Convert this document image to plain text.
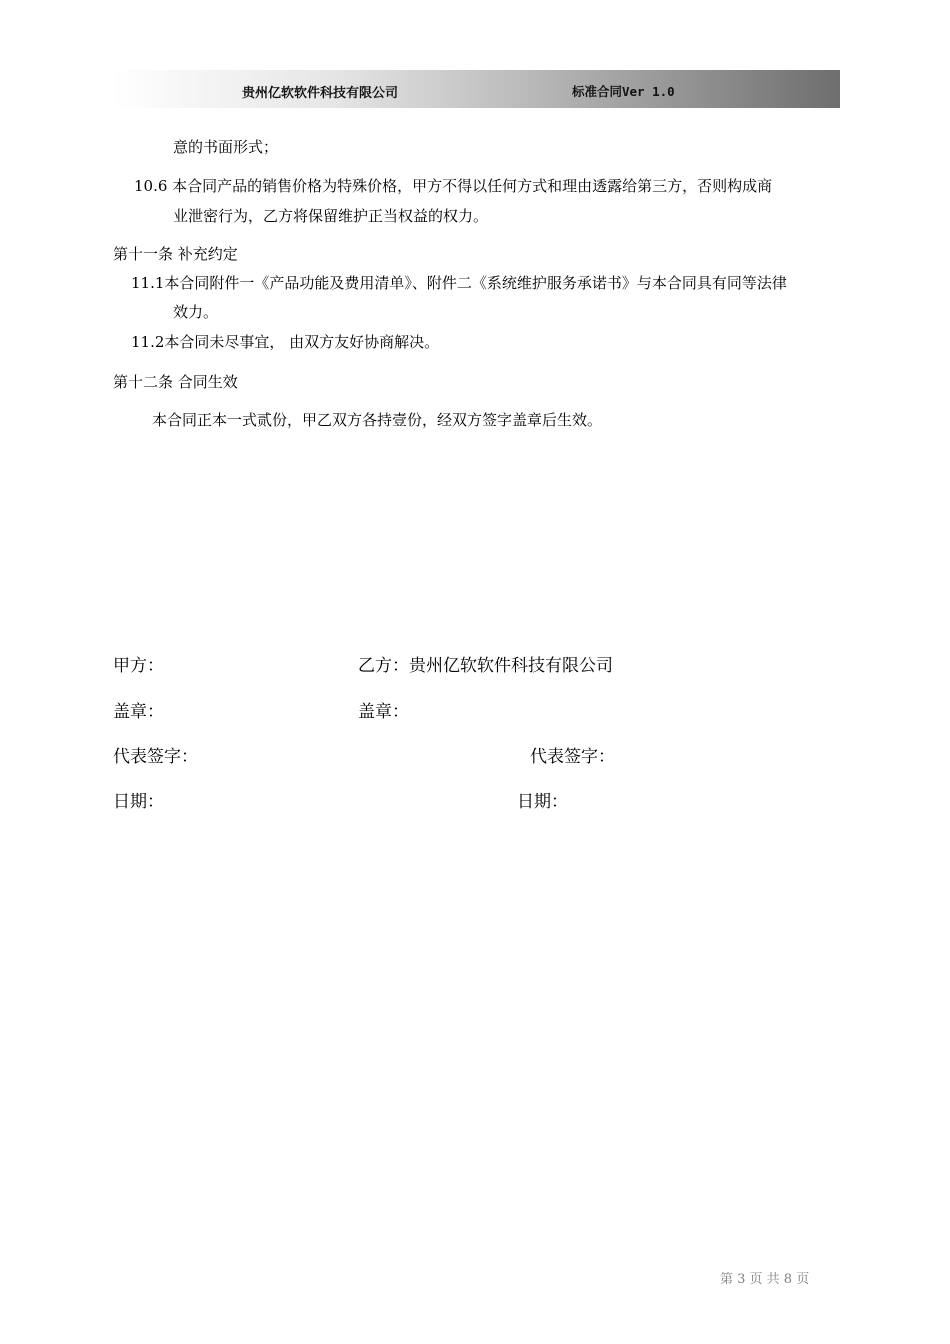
贵州亿软软件科技有限公司	标准合同Ver 1.0
意的书面形式；
10.6 本合同产品的销售价格为特殊价格，甲方不得以任何方式和理由透露给第三方，否则构成商
业泄密行为，乙方将保留维护正当权益的权力。
第十一条 补充约定
11.1本合同附件一《产品功能及费用清单》、附件二《系统维护服务承诺书》与本合同具有同等法律
效力。
11.2本合同未尽事宜， 由双方友好协商解决。
第十二条 合同生效
本合同正本一式贰份，甲乙双方各持壹份，经双方签字盖章后生效。
甲方：	乙方：贵州亿软软件科技有限公司
盖章：	盖章：
代表签字：	代表签字：
日期：	日期：
第 3 页 共 8 页
